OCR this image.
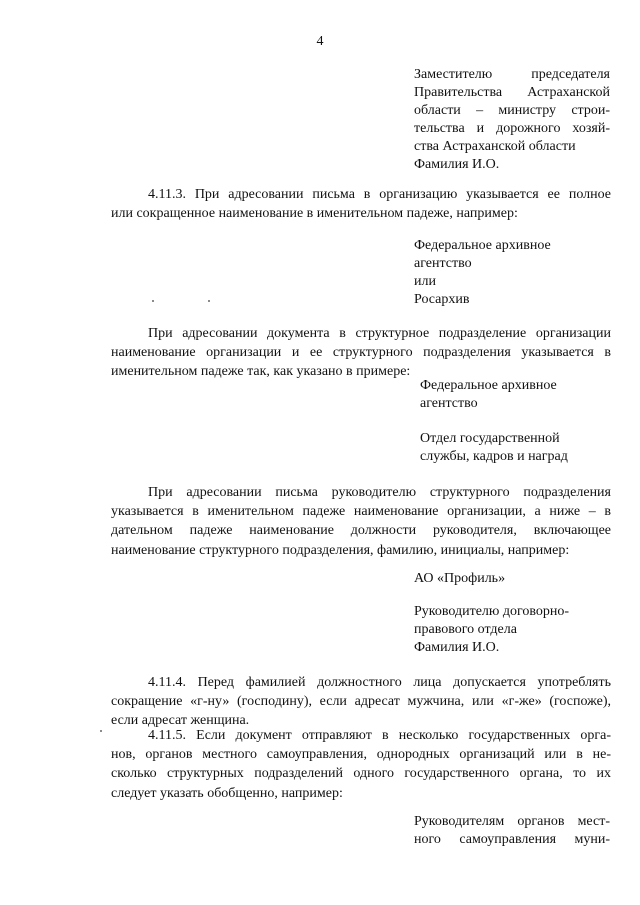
4
Заместителю председателя
Правительства Астраханской
области – министру строи-
тельства и дорожного хозяй-
ства Астраханской области
Фамилия И.О.
4.11.3. При адресовании письма в организацию указывается ее полное
или сокращенное наименование в именительном падеже, например:
Федеральное архивное
агентство
или
Росархив
При адресовании документа в структурное подразделение организации
наименование организации и ее структурного подразделения указывается в
именительном падеже так, как указано в примере:
Федеральное архивное
агентство
Отдел государственной
службы, кадров и наград
При адресовании письма руководителю структурного подразделения
указывается в именительном падеже наименование организации, а ниже – в
дательном падеже наименование должности руководителя, включающее
наименование структурного подразделения, фамилию, инициалы, например:
АО «Профиль»
Руководителю договорно-
правового отдела
Фамилия И.О.
4.11.4. Перед фамилией должностного лица допускается употреблять
сокращение «г-ну» (господину), если адресат мужчина, или «г-же» (госпоже),
если адресат женщина.
4.11.5. Если документ отправляют в несколько государственных орга-
нов, органов местного самоуправления, однородных организаций или в не-
сколько структурных подразделений одного государственного органа, то их
следует указать обобщенно, например:
Руководителям органов мест-
ного самоуправления муни-
